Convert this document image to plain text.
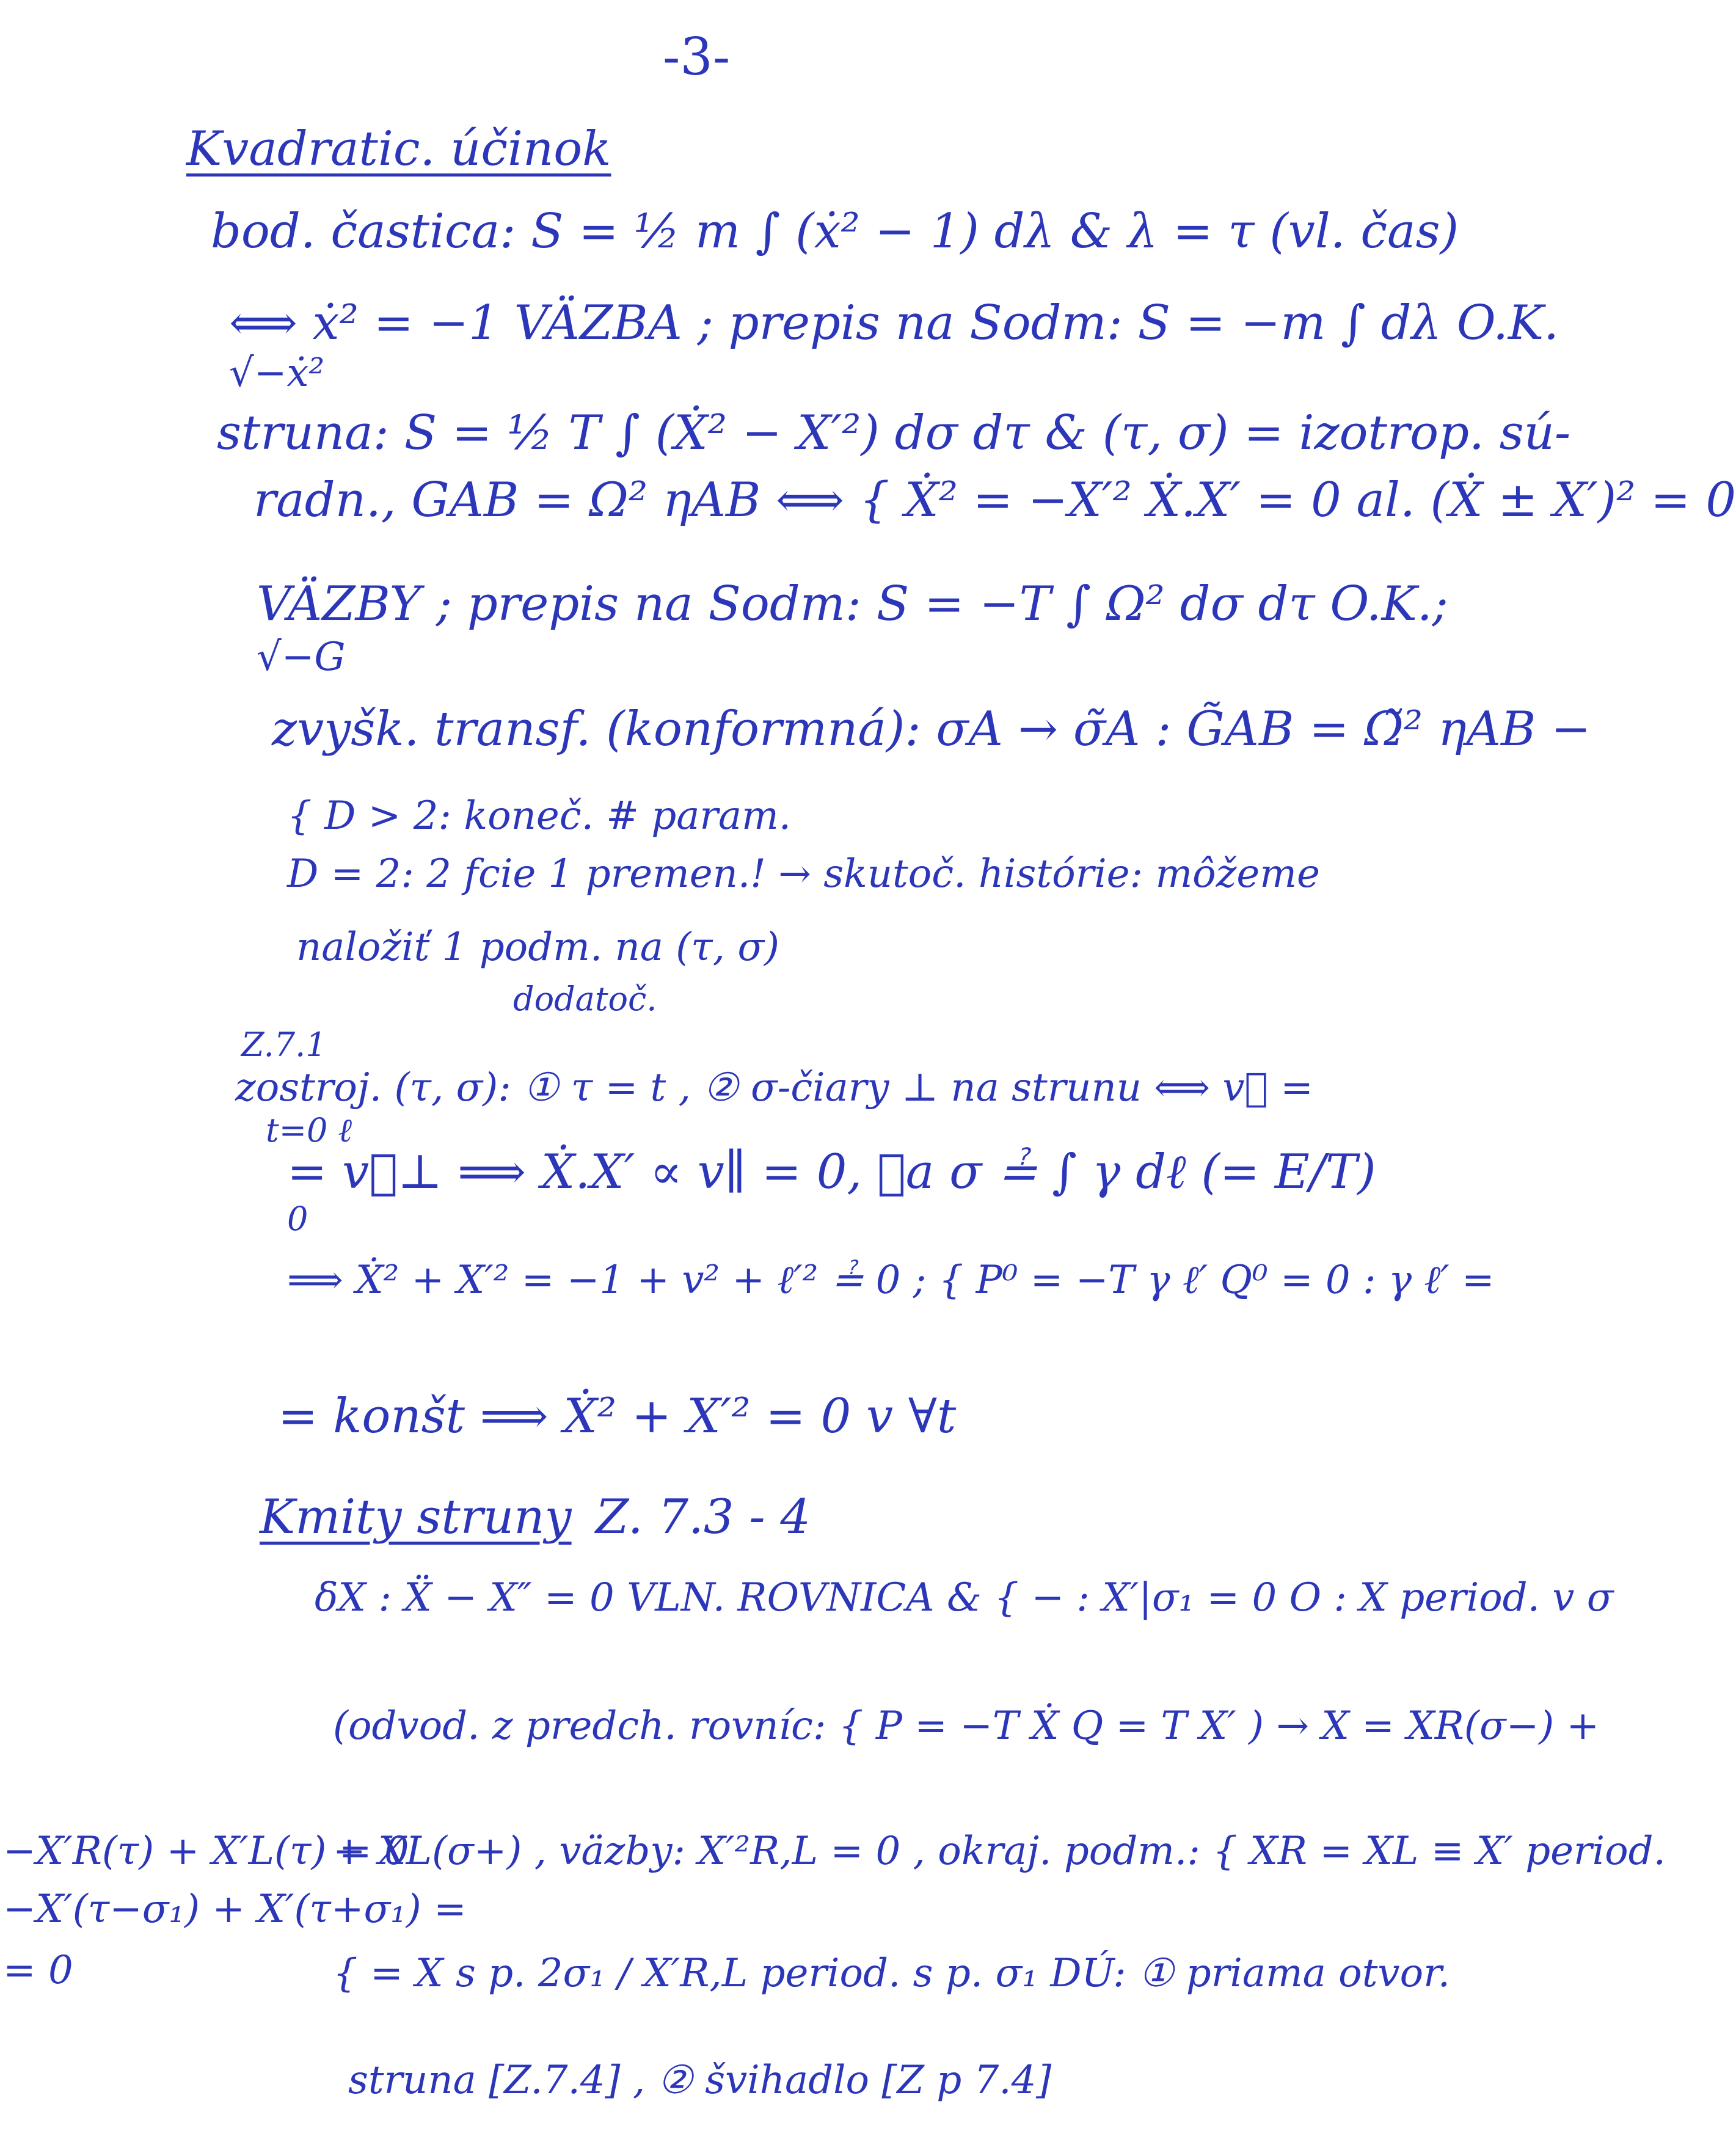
-3-
Kvadratic. účinok
bod. častica: S = ½ m ∫ (ẋ² − 1) dλ & λ = τ (vl. čas)
⟺ ẋ² = −1 VÄZBA ; prepis na Sodm: S = −m ∫ dλ O.K.
√−ẋ²
struna: S = ½ T ∫ (Ẋ² − X′²) dσ dτ & (τ, σ) = izotrop. sú-
radn., GAB = Ω² ηAB ⟺ { Ẋ² = −X′² Ẋ.X′ = 0 al. (Ẋ ± X′)² = 0
VÄZBY ; prepis na Sodm: S = −T ∫ Ω² dσ dτ O.K.;
√−G
zvyšk. transf. (konformná): σA → σ̃A : G̃AB = Ω̃² ηAB −
{ D > 2: koneč. # param.
D = 2: 2 fcie 1 premen.! → skutoč. histórie: môžeme
naložiť 1 podm. na (τ, σ)
dodatoč.
Z.7.1
zostroj. (τ, σ): ① τ = t , ② σ-čiary ⊥ na strunu ⟺ v⃗ =
t=0 ℓ
= v⃗⊥ ⟹ Ẋ.X′ ∝ v∥ = 0, ②a σ ≟ ∫ γ dℓ (= E/T)
0
⟹ Ẋ² + X′² = −1 + v² + ℓ′² ≟ 0 ; { P⁰ = −T γ ℓ′ Q⁰ = 0 : γ ℓ′ =
= konšt ⟹ Ẋ² + X′² = 0 v ∀t
Kmity struny Z. 7.3 - 4
δX : Ẍ − X″ = 0 VLN. ROVNICA & { − : X′|σ₁ = 0 O : X period. v σ
(odvod. z predch. rovníc: { P = −T Ẋ Q = T X′ ) → X = XR(σ−) +
−X′R(τ) + X′L(τ) = 0
+ XL(σ+) , väzby: X′²R,L = 0 , okraj. podm.: { XR = XL ≡ X′ period.
−X′(τ−σ₁) + X′(τ+σ₁) =
= 0	{ = X s p. 2σ₁ / X′R,L period. s p. σ₁ DÚ: ① priama otvor.
struna [Z.7.4] , ② švihadlo [Z p 7.4]
